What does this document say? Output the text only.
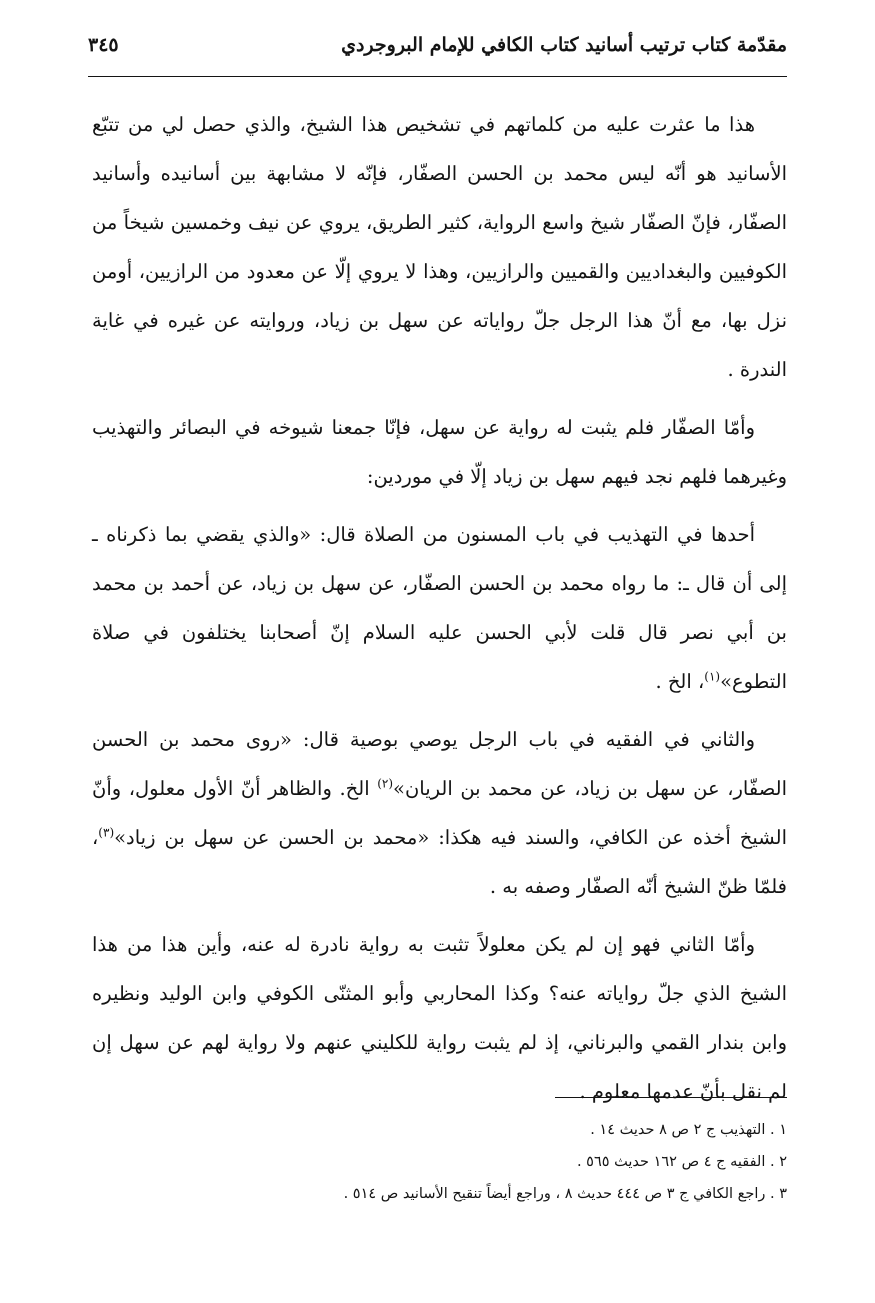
مقدّمة كتاب ترتيب أسانيد كتاب الكافي للإمام البروجردي
٣٤٥

هذا ما عثرت عليه من كلماتهم في تشخيص هذا الشيخ، والذي حصل لي من تتبّع الأسانيد هو أنّه ليس محمد بن الحسن الصفّار، فإنّه لا مشابهة بين أسانيده وأسانيد الصفّار، فإنّ الصفّار شيخ واسع الرواية، كثير الطريق، يروي عن نيف وخمسين شيخاً من الكوفيين والبغداديين والقميين والرازيين، وهذا لا يروي إلّا عن معدود من الرازيين، أومن نزل بها، مع أنّ هذا الرجل جلّ رواياته عن سهل بن زياد، وروايته عن غيره في غاية الندرة .

وأمّا الصفّار فلم يثبت له رواية عن سهل، فإنّا جمعنا شيوخه في البصائر والتهذيب وغيرهما فلهم نجد فيهم سهل بن زياد إلّا في موردين:

أحدها في التهذيب في باب المسنون من الصلاة قال: «والذي يقضي بما ذكرناه ـ إلى أن قال ـ: ما رواه محمد بن الحسن الصفّار، عن سهل بن زياد، عن أحمد بن محمد بن أبي نصر قال قلت لأبي الحسن عليه السلام إنّ أصحابنا يختلفون في صلاة التطوع»$^{(١)}$، الخ .

والثاني في الفقيه في باب الرجل يوصي بوصية قال: «روى محمد بن الحسن الصفّار، عن سهل بن زياد، عن محمد بن الريان»$^{(٢)}$ الخ. والظاهر أنّ الأول معلول، وأنّ الشيخ أخذه عن الكافي، والسند فيه هكذا: «محمد بن الحسن عن سهل بن زياد»$^{(٣)}$، فلمّا ظنّ الشيخ أنّه الصفّار وصفه به .

وأمّا الثاني فهو إن لم يكن معلولاً تثبت به رواية نادرة له عنه، وأين هذا من هذا الشيخ الذي جلّ رواياته عنه؟ وكذا المحاربي وأبو المثنّى الكوفي وابن الوليد ونظيره وابن بندار القمي والبرناني، إذ لم يثبت رواية للكليني عنهم ولا رواية لهم عن سهل إن لم نقل بأنّ عدمها معلوم .

١ . التهذيب ج ٢ ص ٨ حديث ١٤ .
٢ . الفقيه ج ٤ ص ١٦٢ حديث ٥٦٥ .
٣ . راجع الكافي ج ٣ ص ٤٤٤ حديث ٨ ، وراجع أيضاً تنقيح الأسانيد ص ٥١٤ .
